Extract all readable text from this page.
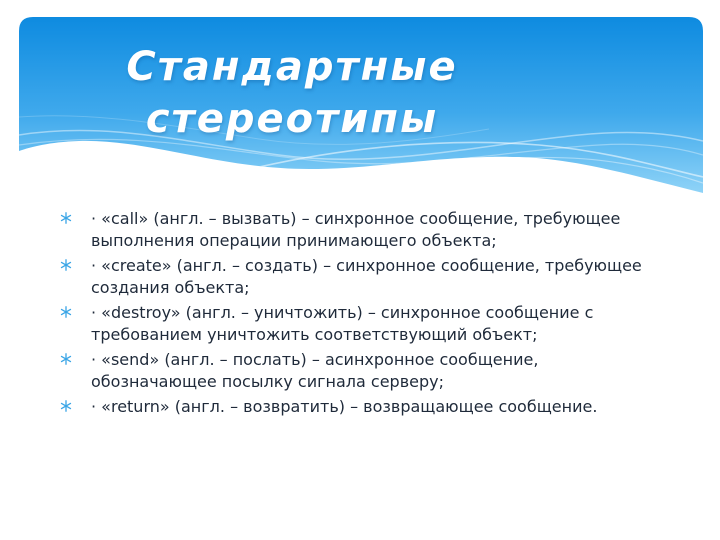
Стандартные
стереотипы
· «call» (англ. – вызвать) – синхронное сообщение, требующее выполнения операции принимающего объекта;
· «create» (англ. – создать) – синхронное сообщение, требующее создания объекта;
· «destroy» (англ. – уничтожить) – синхронное сообщение с требованием уничтожить соответствующий объект;
· «send» (англ. – послать) – асинхронное сообщение, обозначающее посылку сигнала серверу;
· «return» (англ. – возвратить) – возвращающее сообщение.
